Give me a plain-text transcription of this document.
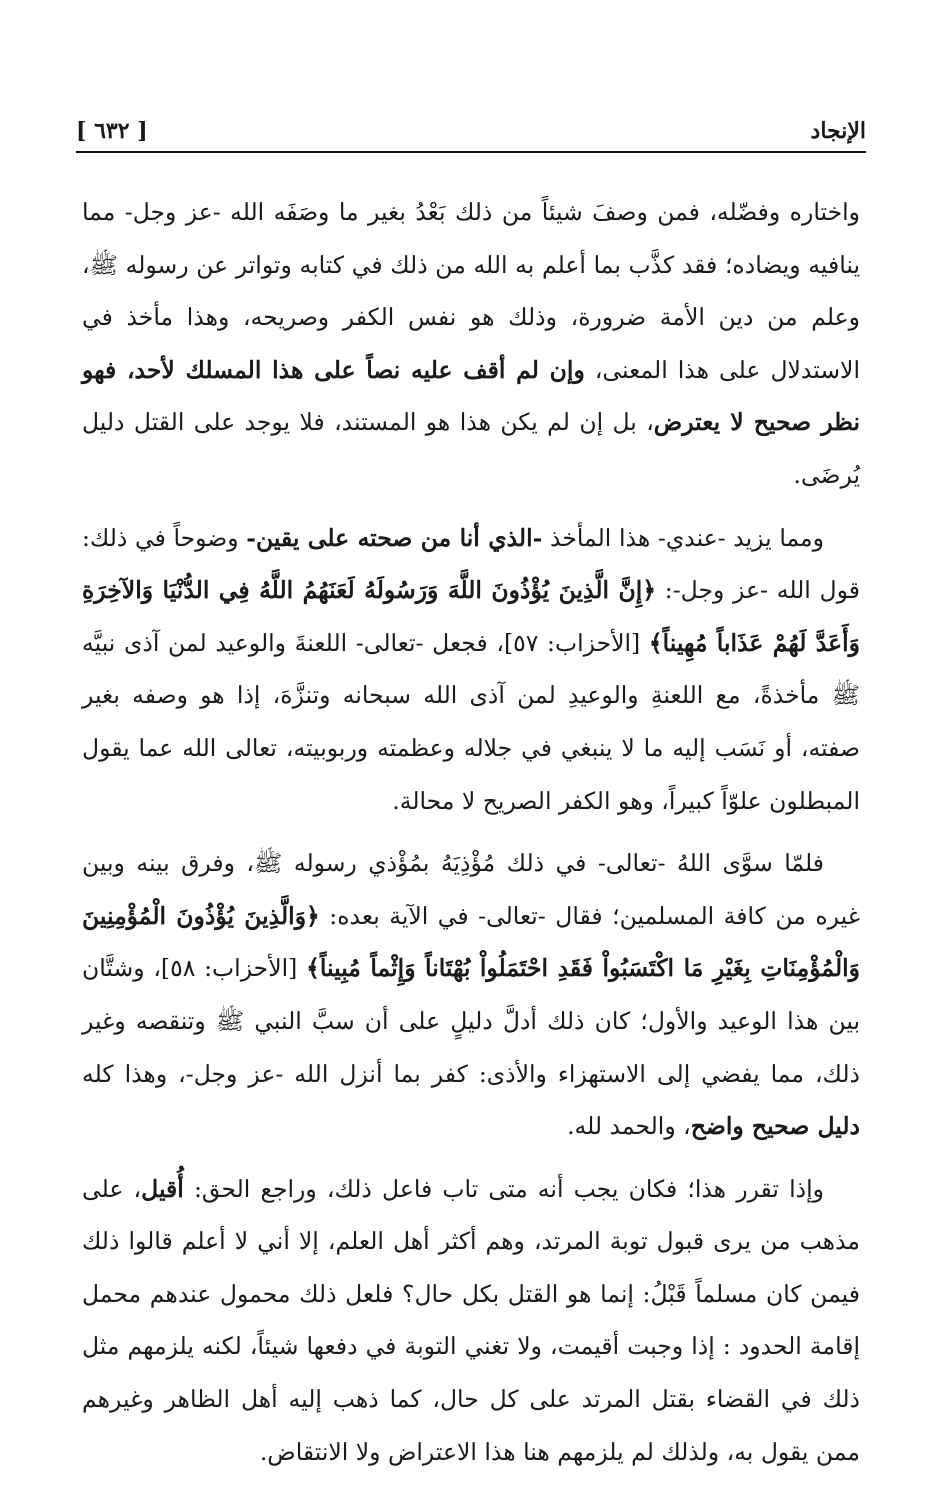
[ ٦٣٢ ]	الإنجاد

واختاره وفضّله، فمن وصفَ شيئاً من ذلك بَعْدُ بغير ما وصَفَه الله -عز وجل- مما ينافيه ويضاده؛ فقد كذَّب بما أعلم به الله من ذلك في كتابه وتواتر عن رسوله ﷺ، وعلم من دين الأمة ضرورة، وذلك هو نفس الكفر وصريحه، وهذا مأخذ في الاستدلال على هذا المعنى، وإن لم أقف عليه نصاً على هذا المسلك لأحد، فهو نظر صحيح لا يعترض، بل إن لم يكن هذا هو المستند، فلا يوجد على القتل دليل يُرضَى.

ومما يزيد -عندي- هذا المأخذ -الذي أنا من صحته على يقين- وضوحاً في ذلك: قول الله -عز وجل-: ﴿إِنَّ الَّذِينَ يُؤْذُونَ اللَّهَ وَرَسُولَهُ لَعَنَهُمُ اللَّهُ فِي الدُّنْيَا وَالآخِرَةِ وَأَعَدَّ لَهُمْ عَذَاباً مُهِيناً﴾ [الأحزاب: ٥٧]، فجعل -تعالى- اللعنةَ والوعيد لمن آذى نبيَّه ﷺ مأخذةً، مع اللعنةِ والوعيدِ لمن آذى الله سبحانه وتنزَّهَ، إذا هو وصفه بغير صفته، أو نَسَب إليه ما لا ينبغي في جلاله وعظمته وربوبيته، تعالى الله عما يقول المبطلون علوّاً كبيراً، وهو الكفر الصريح لا محالة.

فلمّا سوَّى اللهُ -تعالى- في ذلك مُؤْذِيَهُ بمُؤْذي رسوله ﷺ، وفرق بينه وبين غيره من كافة المسلمين؛ فقال -تعالى- في الآية بعده: ﴿وَالَّذِينَ يُؤْذُونَ الْمُؤْمِنِينَ وَالْمُؤْمِنَاتِ بِغَيْرِ مَا اكْتَسَبُواْ فَقَدِ احْتَمَلُواْ بُهْتَاناً وَإِثْماً مُبِيناً﴾ [الأحزاب: ٥٨]، وشتَّان بين هذا الوعيد والأول؛ كان ذلك أدلَّ دليلٍ على أن سبَّ النبي ﷺ وتنقصه وغير ذلك، مما يفضي إلى الاستهزاء والأذى: كفر بما أنزل الله -عز وجل-، وهذا كله دليل صحيح واضح، والحمد لله.

وإذا تقرر هذا؛ فكان يجب أنه متى تاب فاعل ذلك، وراجع الحق: أُقيل، على مذهب من يرى قبول توبة المرتد، وهم أكثر أهل العلم، إلا أني لا أعلم قالوا ذلك فيمن كان مسلماً قَبْلُ: إنما هو القتل بكل حال؟ فلعل ذلك محمول عندهم محمل إقامة الحدود : إذا وجبت أقيمت، ولا تغني التوبة في دفعها شيئاً، لكنه يلزمهم مثل ذلك في القضاء بقتل المرتد على كل حال، كما ذهب إليه أهل الظاهر وغيرهم ممن يقول به، ولذلك لم يلزمهم هنا هذا الاعتراض ولا الانتقاض.
